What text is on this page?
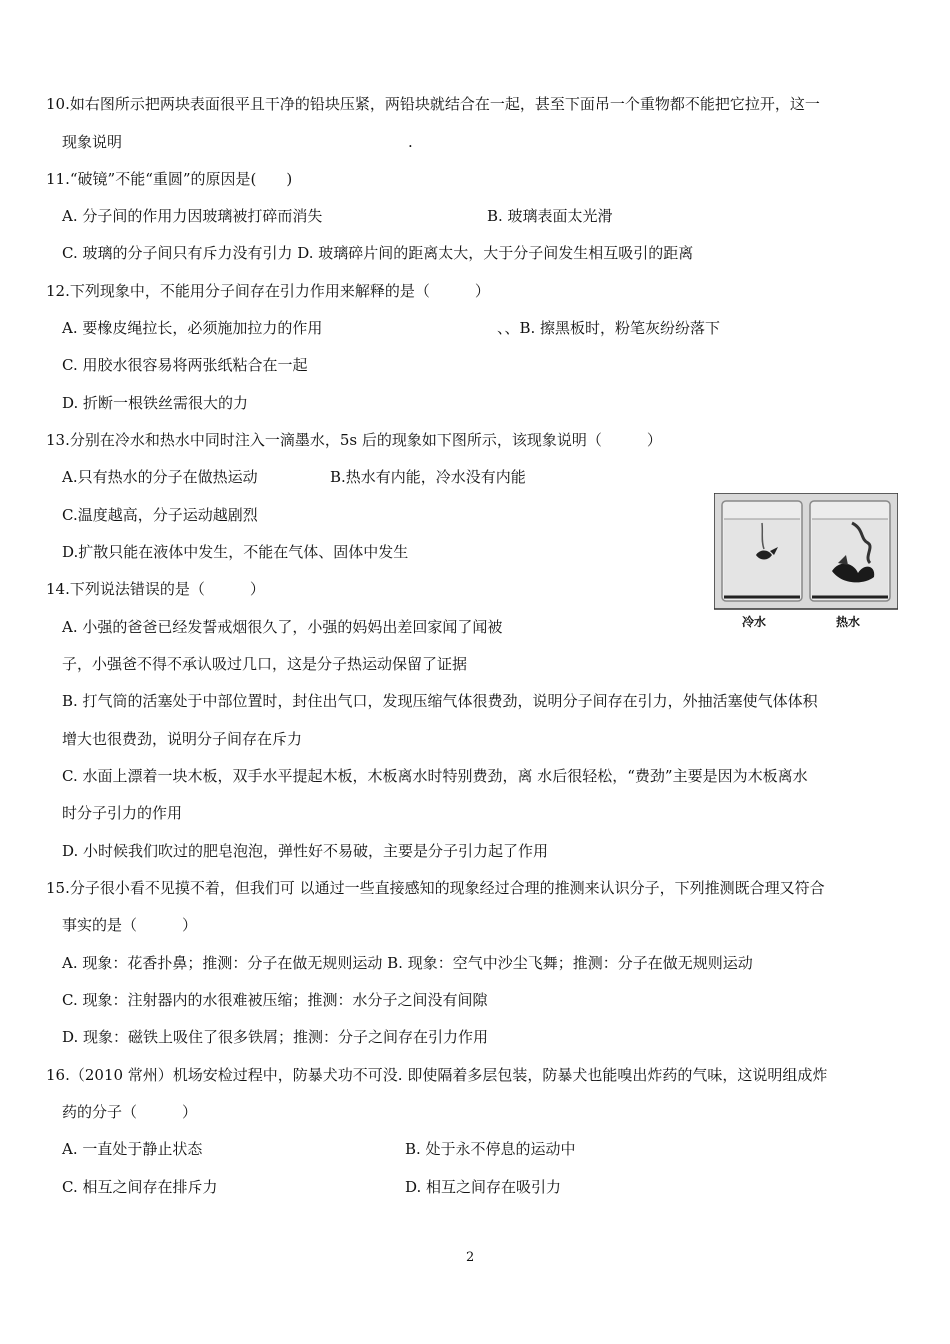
10.如右图所示把两块表面很平且干净的铅块压紧，两铅块就结合在一起，甚至下面吊一个重物都不能把它拉开，这一
现象说明	.
11.“破镜”不能“重圆”的原因是(　　)
A. 分子间的作用力因玻璃被打碎而消失	B. 玻璃表面太光滑
C. 玻璃的分子间只有斥力没有引力 D. 玻璃碎片间的距离太大，大于分子间发生相互吸引的距离
12.下列现象中，不能用分子间存在引力作用来解释的是（　　　）
A. 要橡皮绳拉长，必须施加拉力的作用	、、B. 擦黑板时，粉笔灰纷纷落下
C. 用胶水很容易将两张纸粘合在一起
D. 折断一根铁丝需很大的力
13.分别在冷水和热水中同时注入一滴墨水，5s 后的现象如下图所示，该现象说明（　　　）
A.只有热水的分子在做热运动	B.热水有内能，冷水没有内能
C.温度越高，分子运动越剧烈
D.扩散只能在液体中发生，不能在气体、固体中发生
冷水	热水
14.下列说法错误的是（　　　）
A. 小强的爸爸已经发誓戒烟很久了，小强的妈妈出差回家闻了闻被
子，小强爸不得不承认吸过几口，这是分子热运动保留了证据
B. 打气筒的活塞处于中部位置时，封住出气口，发现压缩气体很费劲，说明分子间存在引力，外抽活塞使气体体积
增大也很费劲，说明分子间存在斥力
C. 水面上漂着一块木板，双手水平提起木板，木板离水时特别费劲，离 水后很轻松，“费劲”主要是因为木板离水
时分子引力的作用
D. 小时候我们吹过的肥皂泡泡，弹性好不易破，主要是分子引力起了作用
15.分子很小看不见摸不着，但我们可 以通过一些直接感知的现象经过合理的推测来认识分子，下列推测既合理又符合
事实的是（　　　）
A. 现象：花香扑鼻；推测：分子在做无规则运动 B. 现象：空气中沙尘飞舞；推测：分子在做无规则运动
C. 现象：注射器内的水很难被压缩；推测：水分子之间没有间隙
D. 现象：磁铁上吸住了很多铁屑；推测：分子之间存在引力作用
16.（2010 常州）机场安检过程中，防暴犬功不可没. 即使隔着多层包装，防暴犬也能嗅出炸药的气味，这说明组成炸
药的分子（　　　）
A. 一直处于静止状态	B. 处于永不停息的运动中
C. 相互之间存在排斥力	D. 相互之间存在吸引力
2
